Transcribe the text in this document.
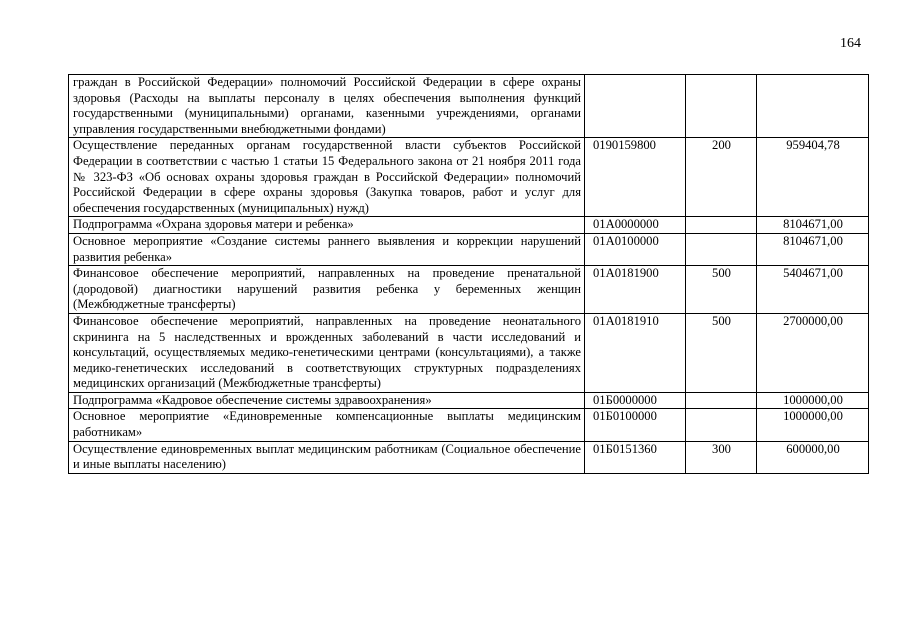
164
граждан в Российской Федерации» полномочий Российской Федерации в сфере охраны здоровья (Расходы на выплаты персоналу в целях обеспечения выполнения функций государственными (муниципальными) органами, казенными учреждениями, органами управления государственными внебюджетными фондами)			
Осуществление переданных органам государственной власти субъектов Российской Федерации в соответствии с частью 1 статьи 15 Федерального закона от 21 ноября 2011 года № 323-ФЗ «Об основах охраны здоровья граждан в Российской Федерации» полномочий Российской Федерации в сфере охраны здоровья (Закупка товаров, работ и услуг для обеспечения государственных (муниципальных) нужд)	0190159800	200	959404,78
Подпрограмма «Охрана здоровья матери и ребенка»	01А0000000		8104671,00
Основное мероприятие «Создание системы раннего выявления и коррекции нарушений развития ребенка»	01А0100000		8104671,00
Финансовое обеспечение мероприятий, направленных на проведение пренатальной (дородовой) диагностики нарушений развития ребенка у беременных женщин (Межбюджетные трансферты)	01А0181900	500	5404671,00
Финансовое обеспечение мероприятий, направленных на проведение неонатального скрининга на 5 наследственных и врожденных заболеваний в части исследований и консультаций, осуществляемых медико-генетическими центрами (консультациями), а также медико-генетических исследований в соответствующих структурных подразделениях медицинских организаций (Межбюджетные трансферты)	01А0181910	500	2700000,00
Подпрограмма «Кадровое обеспечение системы здравоохранения»	01Б0000000		1000000,00
Основное мероприятие «Единовременные компенсационные выплаты медицинским работникам»	01Б0100000		1000000,00
Осуществление единовременных выплат медицинским работникам (Социальное обеспечение и иные выплаты населению)	01Б0151360	300	600000,00
